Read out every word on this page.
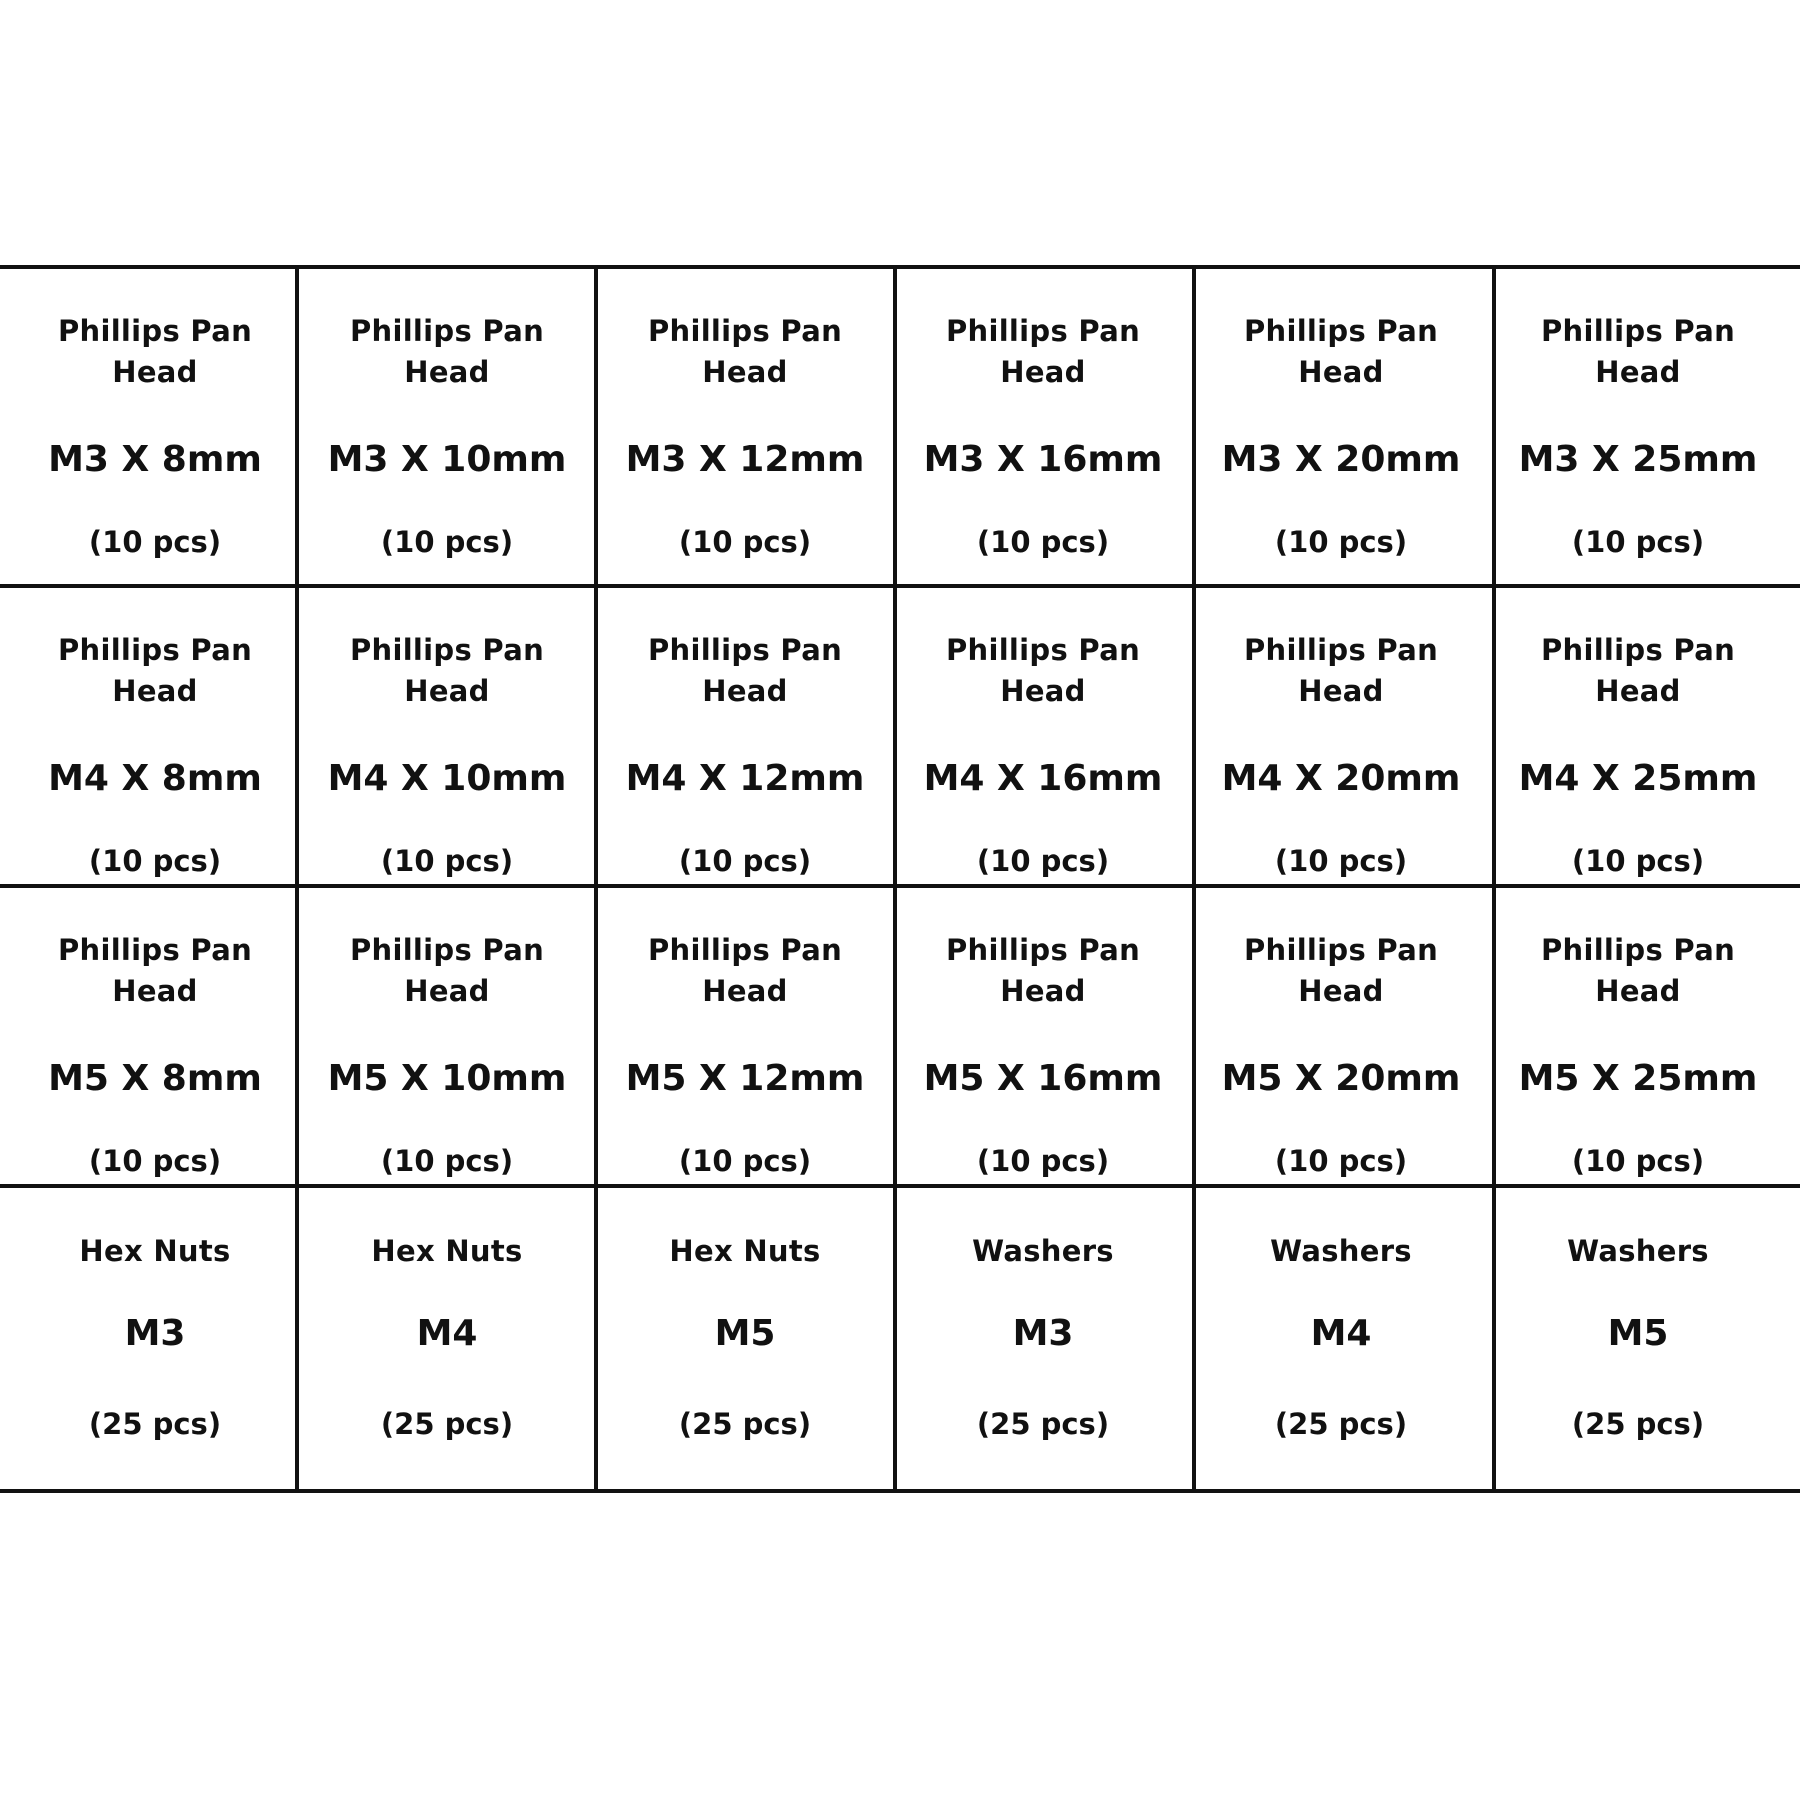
Phillips Pan Head
M3 X 8mm
(10 pcs)
Phillips Pan Head
M3 X 10mm
(10 pcs)
Phillips Pan Head
M3 X 12mm
(10 pcs)
Phillips Pan Head
M3 X 16mm
(10 pcs)
Phillips Pan Head
M3 X 20mm
(10 pcs)
Phillips Pan Head
M3 X 25mm
(10 pcs)
Phillips Pan Head
M4 X 8mm
(10 pcs)
Phillips Pan Head
M4 X 10mm
(10 pcs)
Phillips Pan Head
M4 X 12mm
(10 pcs)
Phillips Pan Head
M4 X 16mm
(10 pcs)
Phillips Pan Head
M4 X 20mm
(10 pcs)
Phillips Pan Head
M4 X 25mm
(10 pcs)
Phillips Pan Head
M5 X 8mm
(10 pcs)
Phillips Pan Head
M5 X 10mm
(10 pcs)
Phillips Pan Head
M5 X 12mm
(10 pcs)
Phillips Pan Head
M5 X 16mm
(10 pcs)
Phillips Pan Head
M5 X 20mm
(10 pcs)
Phillips Pan Head
M5 X 25mm
(10 pcs)
Hex Nuts
M3
(25 pcs)
Hex Nuts
M4
(25 pcs)
Hex Nuts
M5
(25 pcs)
Washers
M3
(25 pcs)
Washers
M4
(25 pcs)
Washers
M5
(25 pcs)
